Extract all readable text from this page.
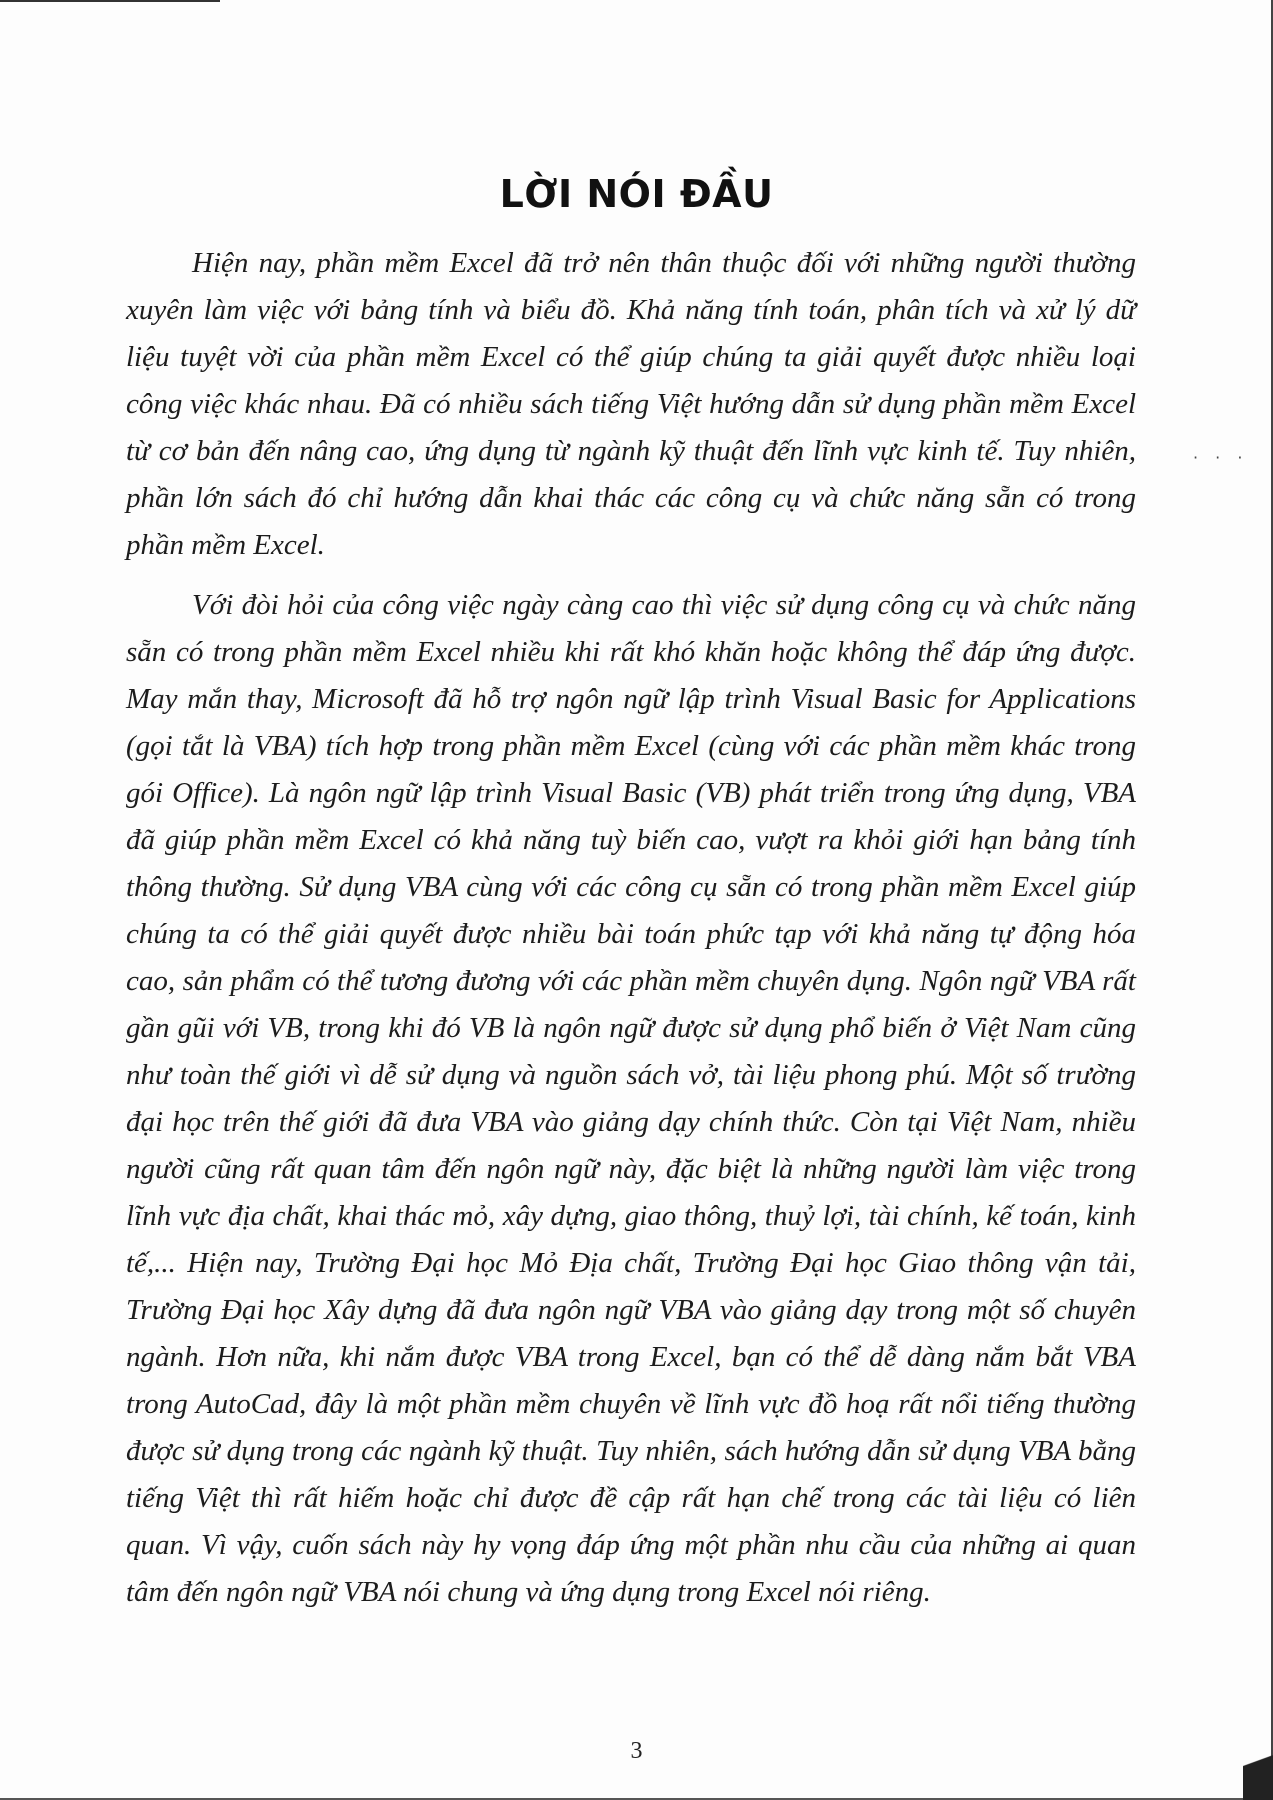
· · ·
LỜI NÓI ĐẦU

Hiện nay, phần mềm Excel đã trở nên thân thuộc đối với những người thường xuyên làm việc với bảng tính và biểu đồ. Khả năng tính toán, phân tích và xử lý dữ liệu tuyệt vời của phần mềm Excel có thể giúp chúng ta giải quyết được nhiều loại công việc khác nhau. Đã có nhiều sách tiếng Việt hướng dẫn sử dụng phần mềm Excel từ cơ bản đến nâng cao, ứng dụng từ ngành kỹ thuật đến lĩnh vực kinh tế. Tuy nhiên, phần lớn sách đó chỉ hướng dẫn khai thác các công cụ và chức năng sẵn có trong phần mềm Excel.

Với đòi hỏi của công việc ngày càng cao thì việc sử dụng công cụ và chức năng sẵn có trong phần mềm Excel nhiều khi rất khó khăn hoặc không thể đáp ứng được. May mắn thay, Microsoft đã hỗ trợ ngôn ngữ lập trình Visual Basic for Applications (gọi tắt là VBA) tích hợp trong phần mềm Excel (cùng với các phần mềm khác trong gói Office). Là ngôn ngữ lập trình Visual Basic (VB) phát triển trong ứng dụng, VBA đã giúp phần mềm Excel có khả năng tuỳ biến cao, vượt ra khỏi giới hạn bảng tính thông thường. Sử dụng VBA cùng với các công cụ sẵn có trong phần mềm Excel giúp chúng ta có thể giải quyết được nhiều bài toán phức tạp với khả năng tự động hóa cao, sản phẩm có thể tương đương với các phần mềm chuyên dụng. Ngôn ngữ VBA rất gần gũi với VB, trong khi đó VB là ngôn ngữ được sử dụng phổ biến ở Việt Nam cũng như toàn thế giới vì dễ sử dụng và nguồn sách vở, tài liệu phong phú. Một số trường đại học trên thế giới đã đưa VBA vào giảng dạy chính thức. Còn tại Việt Nam, nhiều người cũng rất quan tâm đến ngôn ngữ này, đặc biệt là những người làm việc trong lĩnh vực địa chất, khai thác mỏ, xây dựng, giao thông, thuỷ lợi, tài chính, kế toán, kinh tế,... Hiện nay, Trường Đại học Mỏ Địa chất, Trường Đại học Giao thông vận tải, Trường Đại học Xây dựng đã đưa ngôn ngữ VBA vào giảng dạy trong một số chuyên ngành. Hơn nữa, khi nắm được VBA trong Excel, bạn có thể dễ dàng nắm bắt VBA trong AutoCad, đây là một phần mềm chuyên về lĩnh vực đồ hoạ rất nổi tiếng thường được sử dụng trong các ngành kỹ thuật. Tuy nhiên, sách hướng dẫn sử dụng VBA bằng tiếng Việt thì rất hiếm hoặc chỉ được đề cập rất hạn chế trong các tài liệu có liên quan. Vì vậy, cuốn sách này hy vọng đáp ứng một phần nhu cầu của những ai quan tâm đến ngôn ngữ VBA nói chung và ứng dụng trong Excel nói riêng.

3
